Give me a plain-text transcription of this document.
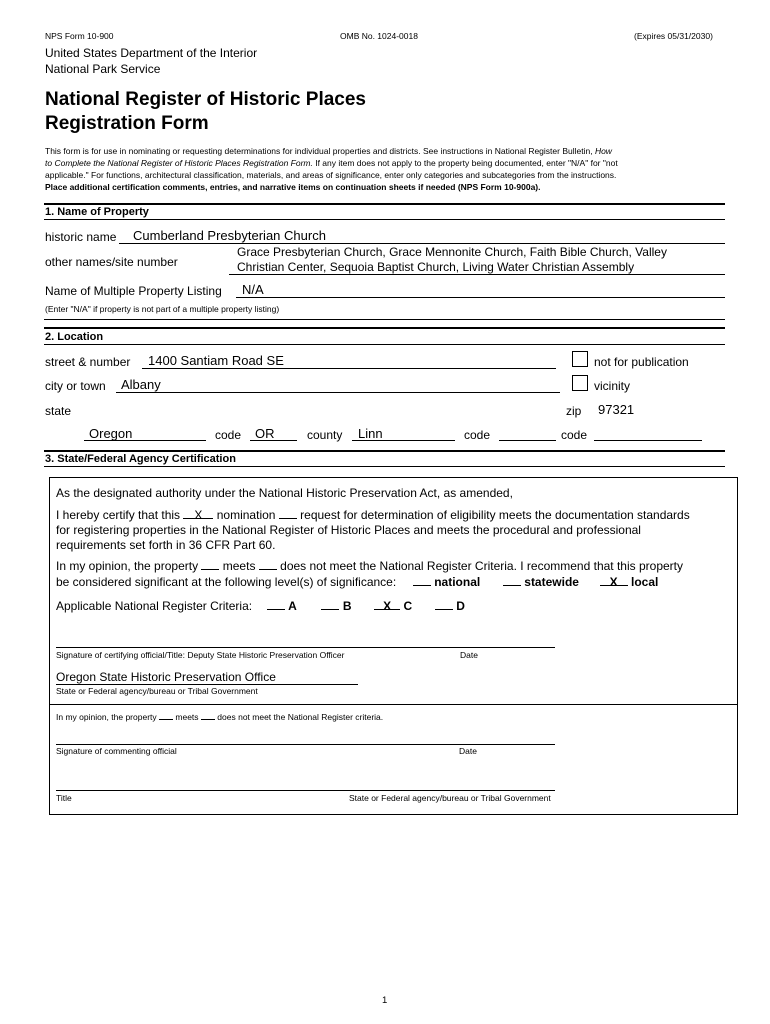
NPS Form 10-900	OMB No. 1024-0018	(Expires 05/31/2030)
United States Department of the Interior
National Park Service
National Register of Historic Places
Registration Form
This form is for use in nominating or requesting determinations for individual properties and districts. See instructions in National Register Bulletin, How
to Complete the National Register of Historic Places Registration Form. If any item does not apply to the property being documented, enter "N/A" for "not
applicable." For functions, architectural classification, materials, and areas of significance, enter only categories and subcategories from the instructions.
Place additional certification comments, entries, and narrative items on continuation sheets if needed (NPS Form 10-900a).
1. Name of Property
historic name Cumberland Presbyterian Church
other names/site number
Grace Presbyterian Church, Grace Mennonite Church, Faith Bible Church, Valley
Christian Center, Sequoia Baptist Church, Living Water Christian Assembly
Name of Multiple Property Listing N/A
(Enter "N/A" if property is not part of a multiple property listing)
2. Location
street & number 1400 Santiam Road SE	not for publication
city or town Albany	vicinity
state	zip 97321
Oregon	code OR	county Linn	code	code
3. State/Federal Agency Certification
As the designated authority under the National Historic Preservation Act, as amended,
I hereby certify that this X nomination request for determination of eligibility meets the documentation standards
for registering properties in the National Register of Historic Places and meets the procedural and professional
requirements set forth in 36 CFR Part 60.
In my opinion, the property meets does not meet the National Register Criteria. I recommend that this property
be considered significant at the following level(s) of significance:	national	statewide	X local
Applicable National Register Criteria:	A	B	X C	D
Signature of certifying official/Title: Deputy State Historic Preservation Officer	Date
Oregon State Historic Preservation Office
State or Federal agency/bureau or Tribal Government
In my opinion, the property meets does not meet the National Register criteria.
Signature of commenting official	Date
Title	State or Federal agency/bureau or Tribal Government
1
